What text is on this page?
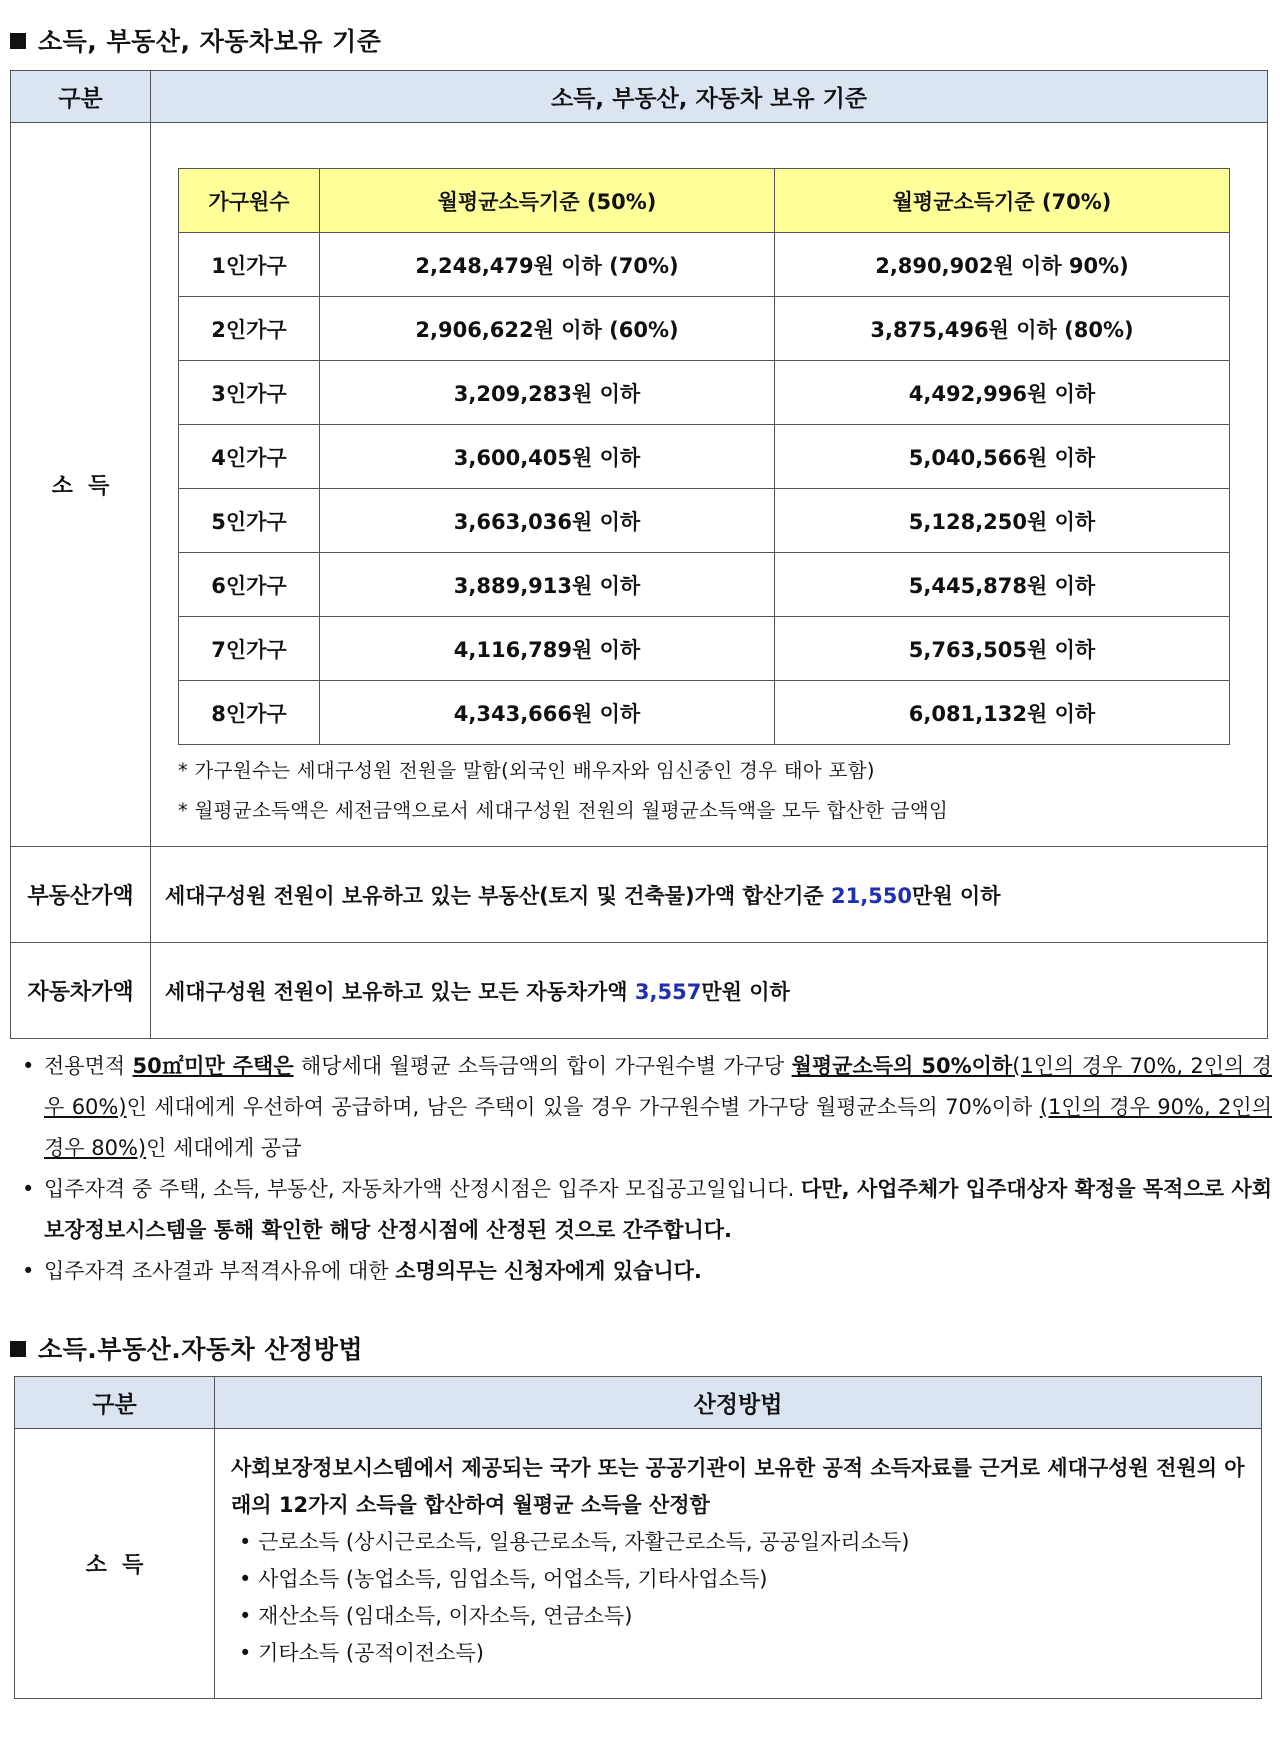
소득, 부동산, 자동차보유 기준
구분	소득, 부동산, 자동차 보유 기준
소  득	
가구원수	월평균소득기준 (50%)	월평균소득기준 (70%)
1인가구	2,248,479원 이하 (70%)	2,890,902원 이하 90%)
2인가구	2,906,622원 이하 (60%)	3,875,496원 이하 (80%)
3인가구	3,209,283원 이하	4,492,996원 이하
4인가구	3,600,405원 이하	5,040,566원 이하
5인가구	3,663,036원 이하	5,128,250원 이하
6인가구	3,889,913원 이하	5,445,878원 이하
7인가구	4,116,789원 이하	5,763,505원 이하
8인가구	4,343,666원 이하	6,081,132원 이하
* 가구원수는 세대구성원 전원을 말함(외국인 배우자와 임신중인 경우 태아 포함)
* 월평균소득액은 세전금액으로서 세대구성원 전원의 월평균소득액을 모두 합산한 금액임

부동산가액	세대구성원 전원이 보유하고 있는 부동산(토지 및 건축물)가액 합산기준 21,550만원 이하
자동차가액	세대구성원 전원이 보유하고 있는 모든 자동차가액 3,557만원 이하
• 전용면적 50㎡미만 주택은 해당세대 월평균 소득금액의 합이 가구원수별 가구당 월평균소득의 50%이하(1인의 경우 70%, 2인의 경우 60%)인 세대에게 우선하여 공급하며, 남은 주택이 있을 경우 가구원수별 가구당 월평균소득의 70%이하 (1인의 경우 90%, 2인의 경우 80%)인 세대에게 공급
• 입주자격 중 주택, 소득, 부동산, 자동차가액 산정시점은 입주자 모집공고일입니다. 다만, 사업주체가 입주대상자 확정을 목적으로 사회보장정보시스템을 통해 확인한 해당 산정시점에 산정된 것으로 간주합니다.
• 입주자격 조사결과 부적격사유에 대한 소명의무는 신청자에게 있습니다.
소득.부동산.자동차 산정방법
구분	산정방법
소  득	사회보장정보시스템에서 제공되는 국가 또는 공공기관이 보유한 공적 소득자료를 근거로 세대구성원 전원의 아래의 12가지 소득을 합산하여 월평균 소득을 산정함
• 근로소득 (상시근로소득, 일용근로소득, 자활근로소득, 공공일자리소득)
• 사업소득 (농업소득, 임업소득, 어업소득, 기타사업소득)
• 재산소득 (임대소득, 이자소득, 연금소득)
• 기타소득 (공적이전소득)
